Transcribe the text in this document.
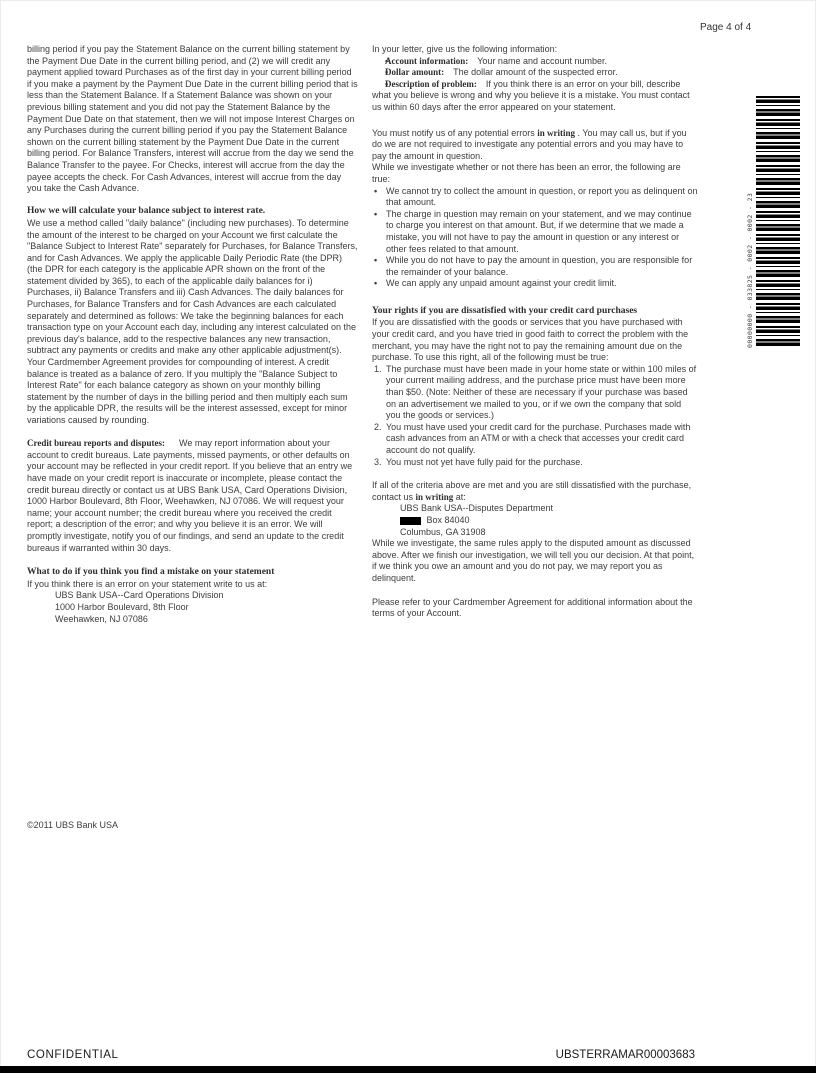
Page 4 of 4

billing period if you pay the Statement Balance on the current billing statement by the Payment Due Date in the current billing period, and (2) we will credit any payment applied toward Purchases as of the first day in your current billing period if you make a payment by the Payment Due Date in the current billing period that is less than the Statement Balance. If a Statement Balance was shown on your previous billing statement and you did not pay the Statement Balance by the Payment Due Date on that statement, then we will not impose Interest Charges on any Purchases during the current billing period if you pay the Statement Balance shown on the current billing statement by the Payment Due Date in the current billing period. For Balance Transfers, interest will accrue from the day we send the Balance Transfer to the payee. For Checks, interest will accrue from the day the payee accepts the check. For Cash Advances, interest will accrue from the day you take the Cash Advance.

How we will calculate your balance subject to interest rate.

We use a method called "daily balance" (including new purchases). To determine the amount of the interest to be charged on your Account we first calculate the "Balance Subject to Interest Rate" separately for Purchases, for Balance Transfers, and for Cash Advances. We apply the applicable Daily Periodic Rate (the DPR) (the DPR for each category is the applicable APR shown on the front of the statement divided by 365), to each of the applicable daily balances for i) Purchases, ii) Balance Transfers and iii) Cash Advances. The daily balances for Purchases, for Balance Transfers and for Cash Advances are each calculated separately and determined as follows: We take the beginning balances for each transaction type on your Account each day, including any interest calculated on the previous day's balance, add to the respective balances any new transaction, subtract any payments or credits and make any other applicable adjustment(s). Your Cardmember Agreement provides for compounding of interest. A credit balance is treated as a balance of zero. If you multiply the "Balance Subject to Interest Rate" for each balance category as shown on your monthly billing statement by the number of days in the billing period and then multiply each sum by the applicable DPR, the results will be the interest assessed, except for minor variations caused by rounding.

Credit bureau reports and disputes: We may report information about your account to credit bureaus. Late payments, missed payments, or other defaults on your account may be reflected in your credit report. If you believe that an entry we have made on your credit report is inaccurate or incomplete, please contact the credit bureau directly or contact us at UBS Bank USA, Card Operations Division, 1000 Harbor Boulevard, 8th Floor, Weehawken, NJ 07086. We will request your name; your account number; the credit bureau where you received the credit report; a description of the error; and why you believe it is an error. We will promptly investigate, notify you of our findings, and send an update to the credit bureaus if warranted within 30 days.

What to do if you think you find a mistake on your statement

If you think there is an error on your statement write to us at:

UBS Bank USA--Card Operations Division
1000 Harbor Boulevard, 8th Floor
Weehawken, NJ 07086

In your letter, give us the following information:

•Account information: Your name and account number.

•Dollar amount: The dollar amount of the suspected error.

•Description of problem: If you think there is an error on your bill, describe what you believe is wrong and why you believe it is a mistake. You must contact us within 60 days after the error appeared on your statement.

You must notify us of any potential errors in writing . You may call us, but if you do we are not required to investigate any potential errors and you may have to pay the amount in question.

While we investigate whether or not there has been an error, the following are true:

•
We cannot try to collect the amount in question, or report you as delinquent on that amount.

•
The charge in question may remain on your statement, and we may continue to charge you interest on that amount. But, if we determine that we made a mistake, you will not have to pay the amount in question or any interest or other fees related to that amount.

•
While you do not have to pay the amount in question, you are responsible for the remainder of your balance.

•
We can apply any unpaid amount against your credit limit.

Your rights if you are dissatisfied with your credit card purchases

If you are dissatisfied with the goods or services that you have purchased with your credit card, and you have tried in good faith to correct the problem with the merchant, you may have the right not to pay the remaining amount due on the purchase. To use this right, all of the following must be true:

1. The purchase must have been made in your home state or within 100 miles of your current mailing address, and the purchase price must have been more than $50. (Note: Neither of these are necessary if your purchase was based on an advertisement we mailed to you, or if we own the company that sold you the goods or services.)

2. You must have used your credit card for the purchase. Purchases made with cash advances from an ATM or with a check that accesses your credit card account do not qualify.

3. You must not yet have fully paid for the purchase.

If all of the criteria above are met and you are still dissatisfied with the purchase, contact us in writing at:

UBS Bank USA--Disputes Department
Box 84040
Columbus, GA 31908

While we investigate, the same rules apply to the disputed amount as discussed above. After we finish our investigation, we will tell you our decision. At that point, if we think you owe an amount and you do not pay, we may report you as delinquent.

Please refer to your Cardmember Agreement for additional information about the terms of your Account.

00000000 - 033825 - 0002 - 0002 - 23
©2011 UBS Bank USA
CONFIDENTIAL	UBSTERRAMAR00003683
